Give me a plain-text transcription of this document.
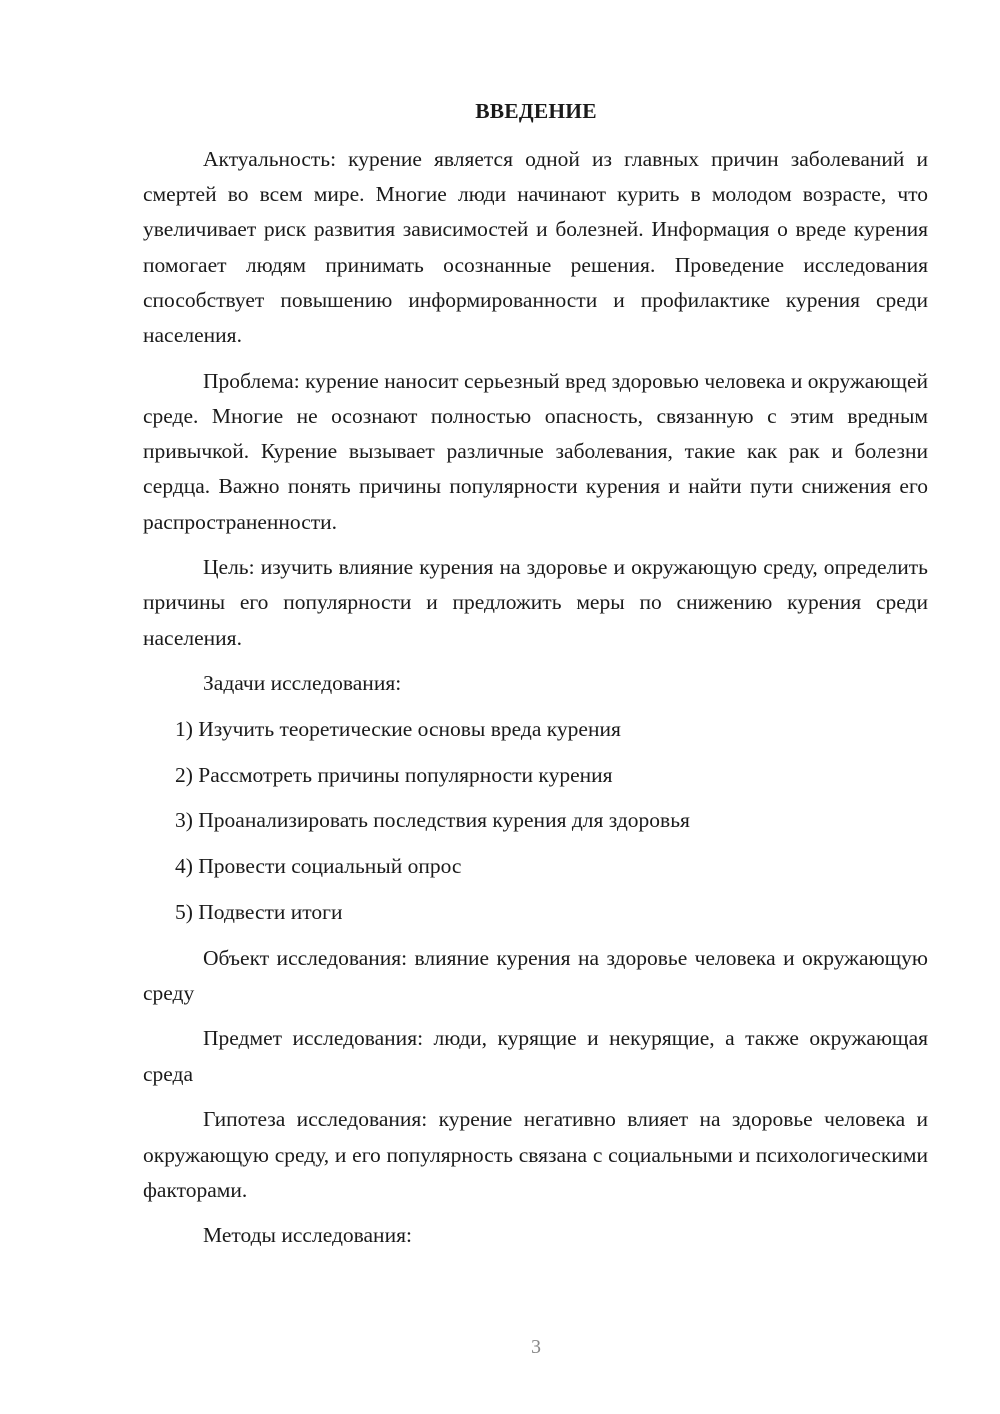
ВВЕДЕНИЕ

Актуальность: курение является одной из главных причин заболеваний и смертей во всем мире. Многие люди начинают курить в молодом возрасте, что увеличивает риск развития зависимостей и болезней. Информация о вреде курения помогает людям принимать осознанные решения. Проведение исследования способствует повышению информированности и профилактике курения среди населения.

Проблема: курение наносит серьезный вред здоровью человека и окружающей среде. Многие не осознают полностью опасность, связанную с этим вредным привычкой. Курение вызывает различные заболевания, такие как рак и болезни сердца. Важно понять причины популярности курения и найти пути снижения его распространенности.

Цель: изучить влияние курения на здоровье и окружающую среду, определить причины его популярности и предложить меры по снижению курения среди населения.

Задачи исследования:

1) Изучить теоретические основы вреда курения

2) Рассмотреть причины популярности курения

3) Проанализировать последствия курения для здоровья

4) Провести социальный опрос

5) Подвести итоги

Объект исследования: влияние курения на здоровье человека и окружающую среду

Предмет исследования: люди, курящие и некурящие, а также окружающая среда

Гипотеза исследования: курение негативно влияет на здоровье человека и окружающую среду, и его популярность связана с социальными и психологическими факторами.

Методы исследования:

3
